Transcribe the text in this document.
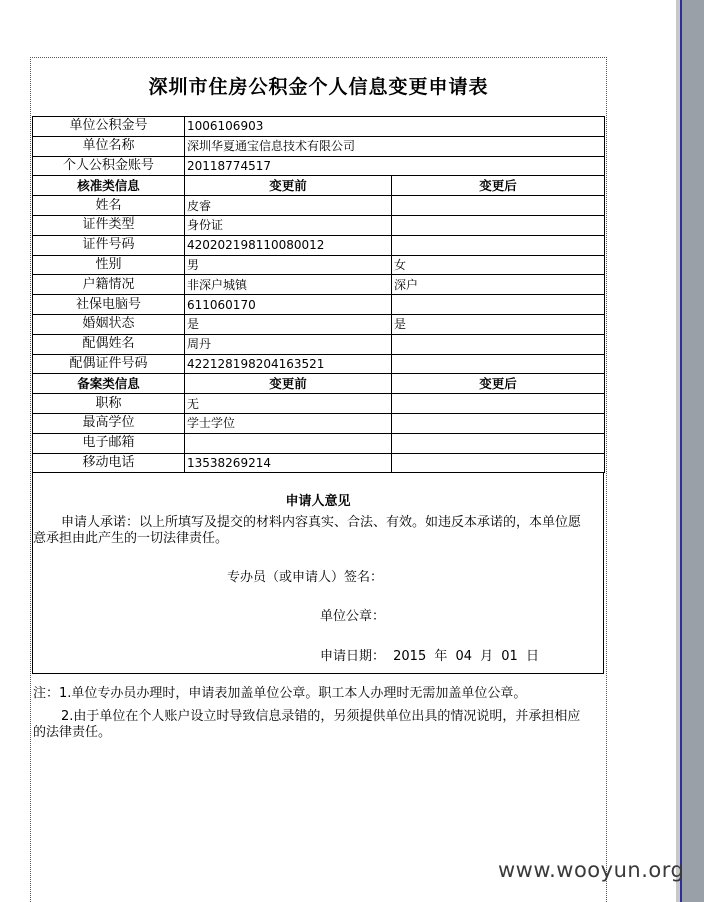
深圳市住房公积金个人信息变更申请表
单位公积金号	1006106903	
单位名称	深圳华夏通宝信息技术有限公司	
个人公积金账号	20118774517	
核准类信息	变更前	变更后
姓名	皮睿	
证件类型	身份证	
证件号码	420202198110080012	
性别	男	女
户籍情况	非深户城镇	深户
社保电脑号	611060170	
婚姻状态	是	是
配偶姓名	周丹	
配偶证件号码	422128198204163521	
备案类信息	变更前	变更后
职称	无	
最高学位	学士学位	
电子邮箱		
移动电话	13538269214	
申请人意见
申请人承诺：以上所填写及提交的材料内容真实、合法、有效。如违反本承诺的，本单位愿意承担由此产生的一切法律责任。
专办员（或申请人）签名：
单位公章：
申请日期： 2015 年 04 月 01 日
注：1.单位专办员办理时，申请表加盖单位公章。职工本人办理时无需加盖单位公章。
2.由于单位在个人账户设立时导致信息录错的，另须提供单位出具的情况说明，并承担相应的法律责任。
www.wooyun.org
